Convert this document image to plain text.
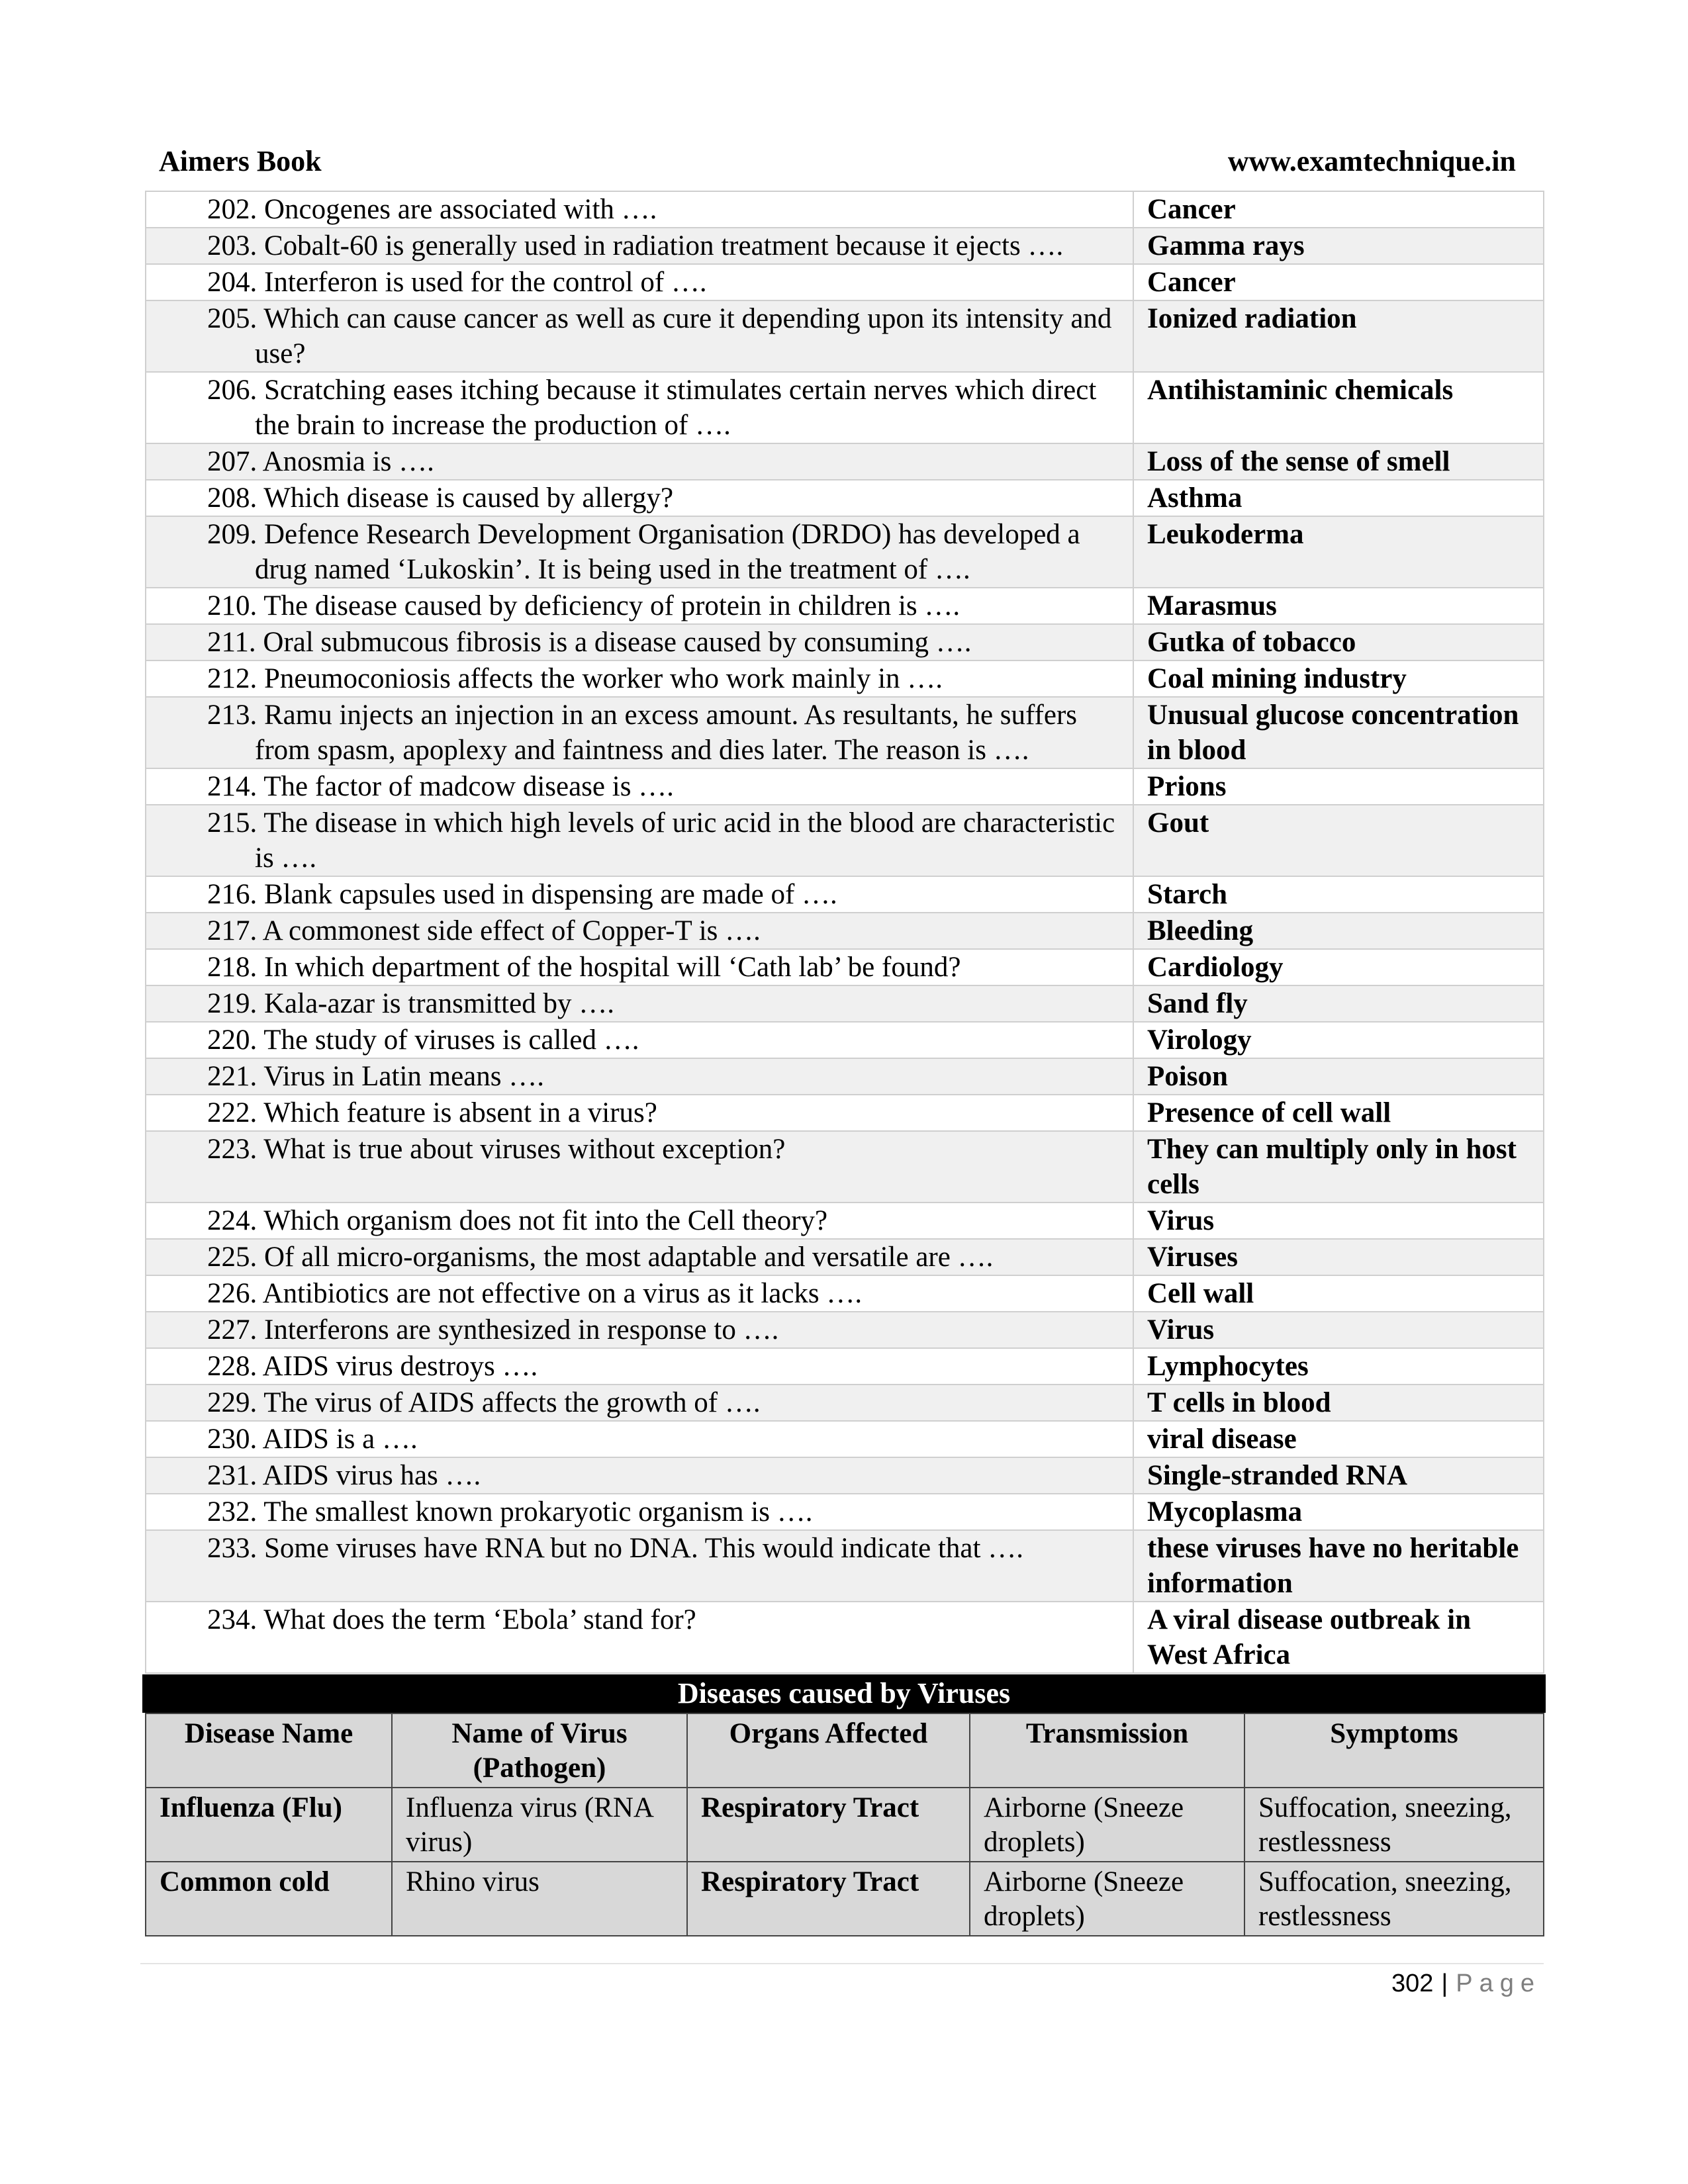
Aimers Book	www.examtechnique.in
202. Oncogenes are associated with ….	Cancer

203. Cobalt-60 is generally used in radiation treatment because it ejects ….	Gamma rays

204. Interferon is used for the control of ….	Cancer

205. Which can cause cancer as well as cure it depending upon its intensity and use?	Ionized radiation

206. Scratching eases itching because it stimulates certain nerves which direct the brain to increase the production of ….	Antihistaminic chemicals

207. Anosmia is ….	Loss of the sense of smell

208. Which disease is caused by allergy?	Asthma

209. Defence Research Development Organisation (DRDO) has developed a drug named ‘Lukoskin’. It is being used in the treatment of ….	Leukoderma

210. The disease caused by deficiency of protein in children is ….	Marasmus

211. Oral submucous fibrosis is a disease caused by consuming ….	Gutka of tobacco

212. Pneumoconiosis affects the worker who work mainly in ….	Coal mining industry

213. Ramu injects an injection in an excess amount. As resultants, he suffers from spasm, apoplexy and faintness and dies later. The reason is ….	Unusual glucose concentration in blood

214. The factor of madcow disease is ….	Prions

215. The disease in which high levels of uric acid in the blood are characteristic is ….	Gout

216. Blank capsules used in dispensing are made of ….	Starch

217. A commonest side effect of Copper-T is ….	Bleeding

218. In which department of the hospital will ‘Cath lab’ be found?	Cardiology

219. Kala-azar is transmitted by ….	Sand fly

220. The study of viruses is called ….	Virology

221. Virus in Latin means ….	Poison

222. Which feature is absent in a virus?	Presence of cell wall

223. What is true about viruses without exception?	They can multiply only in host cells

224. Which organism does not fit into the Cell theory?	Virus

225. Of all micro-organisms, the most adaptable and versatile are ….	Viruses

226. Antibiotics are not effective on a virus as it lacks ….	Cell wall

227. Interferons are synthesized in response to ….	Virus

228. AIDS virus destroys ….	Lymphocytes

229. The virus of AIDS affects the growth of ….	T cells in blood

230. AIDS is a ….	viral disease

231. AIDS virus has ….	Single-stranded RNA

232. The smallest known prokaryotic organism is ….	Mycoplasma

233. Some viruses have RNA but no DNA. This would indicate that ….	these viruses have no heritable information

234. What does the term ‘Ebola’ stand for?	A viral disease outbreak in West Africa
Diseases caused by Viruses
Disease Name	Name of Virus (Pathogen)	Organs Affected	Transmission	Symptoms
Influenza (Flu)	Influenza virus (RNA virus)	Respiratory Tract	Airborne (Sneeze droplets)	Suffocation, sneezing, restlessness
Common cold	Rhino virus	Respiratory Tract	Airborne (Sneeze droplets)	Suffocation, sneezing, restlessness
302 | Page
